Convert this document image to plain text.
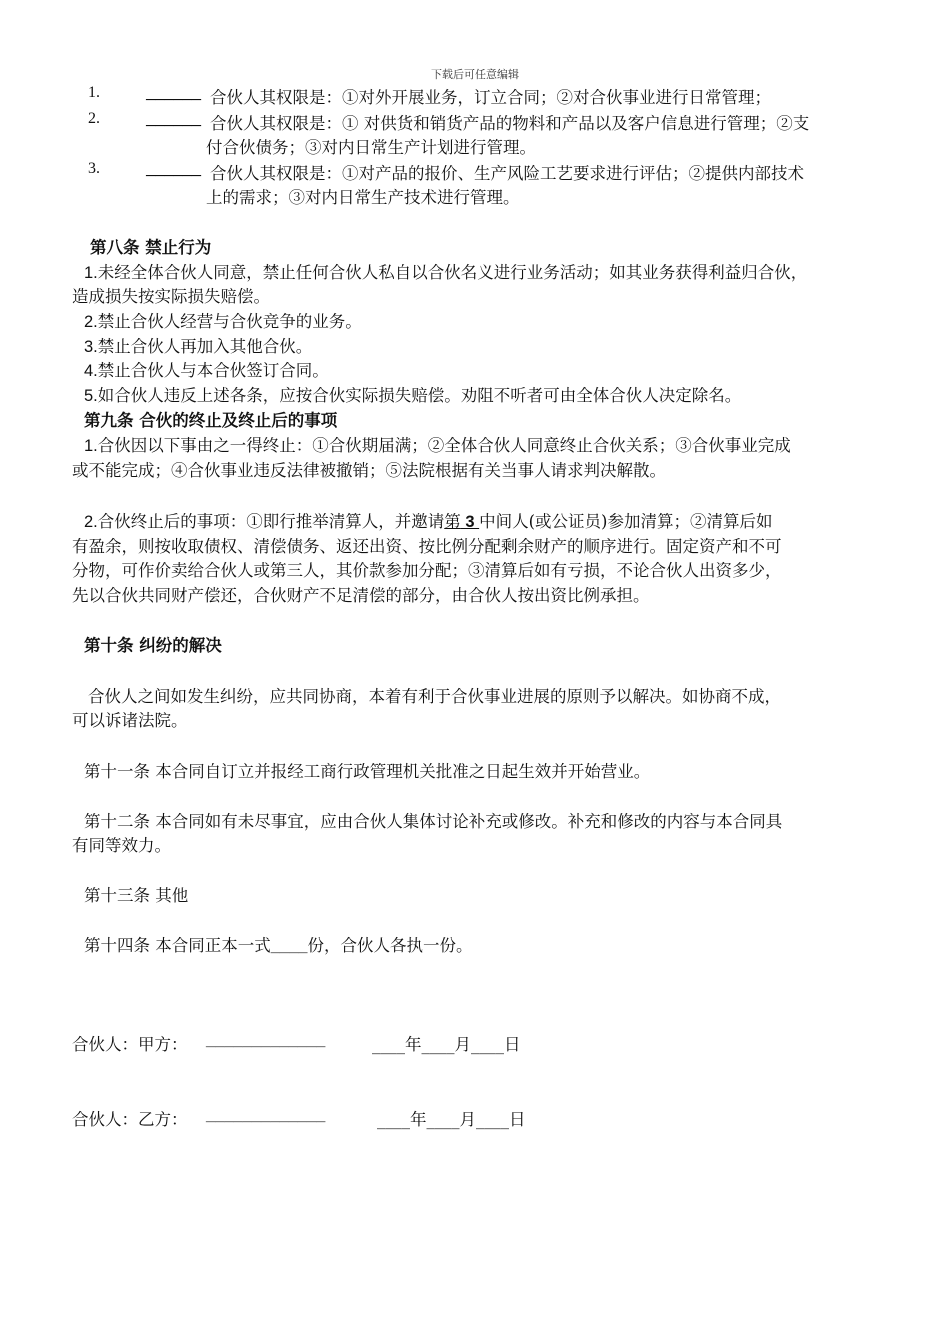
下载后可任意编辑
1.	______ 合伙人其权限是：①对外开展业务，订立合同；②对合伙事业进行日常管理；
2.	______ 合伙人其权限是：① 对供货和销货产品的物料和产品以及客户信息进行管理；②支
付合伙债务；③对内日常生产计划进行管理。
3.	______ 合伙人其权限是：①对产品的报价、生产风险工艺要求进行评估；②提供内部技术
上的需求；③对内日常生产技术进行管理。
第八条 禁止行为
1.未经全体合伙人同意，禁止任何合伙人私自以合伙名义进行业务活动；如其业务获得利益归合伙，
造成损失按实际损失赔偿。
2.禁止合伙人经营与合伙竞争的业务。
3.禁止合伙人再加入其他合伙。
4.禁止合伙人与本合伙签订合同。
5.如合伙人违反上述各条，应按合伙实际损失赔偿。劝阻不听者可由全体合伙人决定除名。
第九条 合伙的终止及终止后的事项
1.合伙因以下事由之一得终止：①合伙期届满；②全体合伙人同意终止合伙关系；③合伙事业完成
或不能完成；④合伙事业违反法律被撤销；⑤法院根据有关当事人请求判决解散。
2.合伙终止后的事项：①即行推举清算人，并邀请第 3 中间人(或公证员)参加清算；②清算后如
有盈余，则按收取债权、清偿债务、返还出资、按比例分配剩余财产的顺序进行。固定资产和不可
分物，可作价卖给合伙人或第三人，其价款参加分配；③清算后如有亏损，不论合伙人出资多少，
先以合伙共同财产偿还，合伙财产不足清偿的部分，由合伙人按出资比例承担。
第十条 纠纷的解决
合伙人之间如发生纠纷，应共同协商，本着有利于合伙事业进展的原则予以解决。如协商不成，
可以诉诸法院。
第十一条 本合同自订立并报经工商行政管理机关批准之日起生效并开始营业。
第十二条 本合同如有未尽事宜，应由合伙人集体讨论补充或修改。补充和修改的内容与本合同具
有同等效力。
第十三条 其他
第十四条 本合同正本一式____份，合伙人各执一份。
合伙人：甲方： _____________	____年____月____日
合伙人：乙方： _____________	____年____月____日
